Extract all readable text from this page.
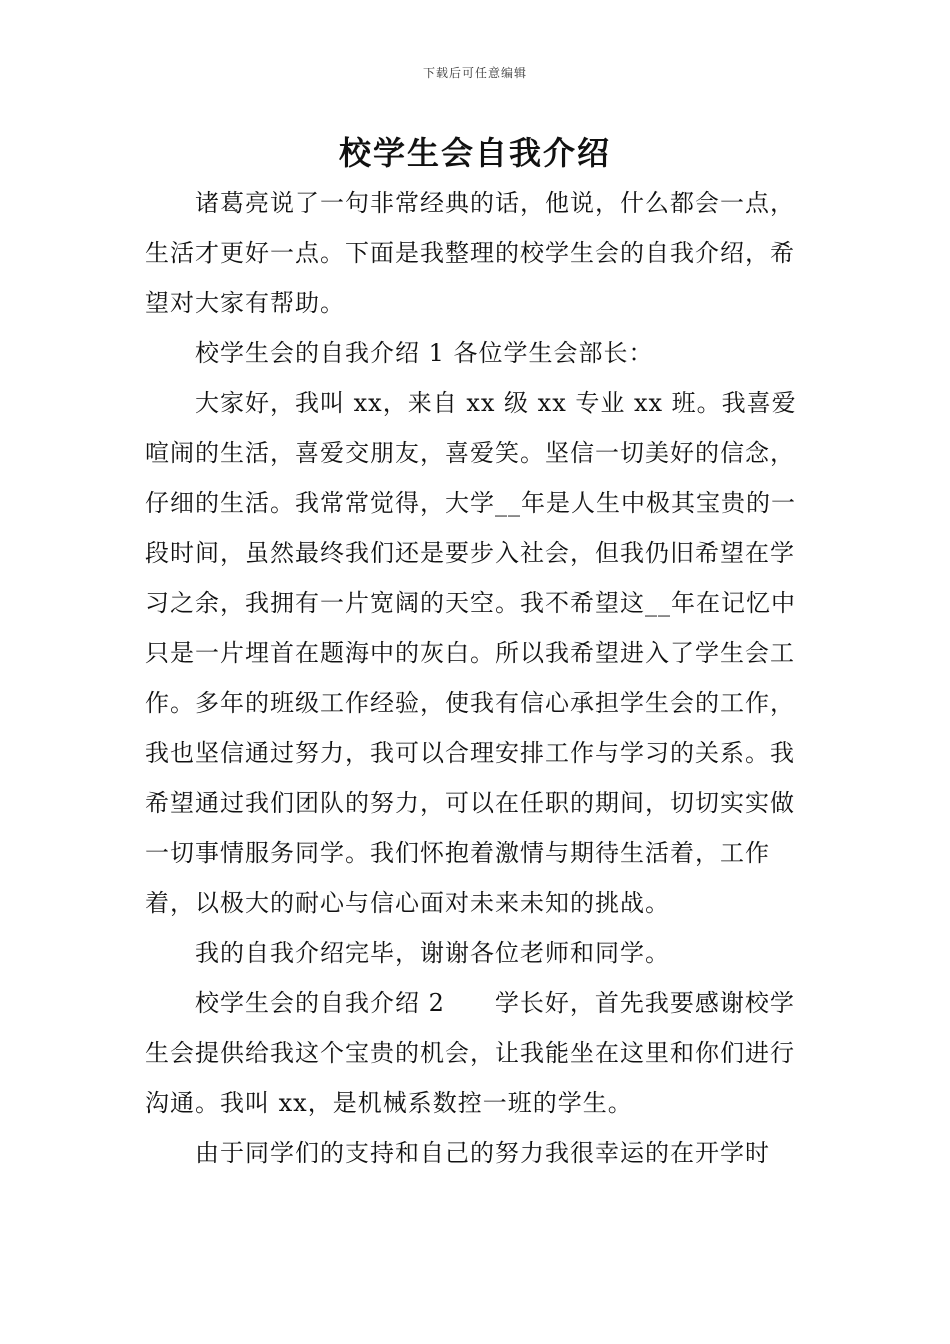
下载后可任意编辑
校学生会自我介绍

诸葛亮说了一句非常经典的话，他说，什么都会一点，生活才更好一点。下面是我整理的校学生会的自我介绍，希望对大家有帮助。

校学生会的自我介绍 1 各位学生会部长：

大家好，我叫 xx，来自 xx 级 xx 专业 xx 班。我喜爱喧闹的生活，喜爱交朋友，喜爱笑。坚信一切美好的信念，仔细的生活。我常常觉得，大学__年是人生中极其宝贵的一段时间，虽然最终我们还是要步入社会，但我仍旧希望在学习之余，我拥有一片宽阔的天空。我不希望这__年在记忆中只是一片埋首在题海中的灰白。所以我希望进入了学生会工作。多年的班级工作经验，使我有信心承担学生会的工作，我也坚信通过努力，我可以合理安排工作与学习的关系。我希望通过我们团队的努力，可以在任职的期间，切切实实做一切事情服务同学。我们怀抱着激情与期待生活着，工作着，以极大的耐心与信心面对未来未知的挑战。

我的自我介绍完毕，谢谢各位老师和同学。

校学生会的自我介绍 2　　学长好，首先我要感谢校学生会提供给我这个宝贵的机会，让我能坐在这里和你们进行沟通。我叫 xx，是机械系数控一班的学生。

由于同学们的支持和自己的努力我很幸运的在开学时
